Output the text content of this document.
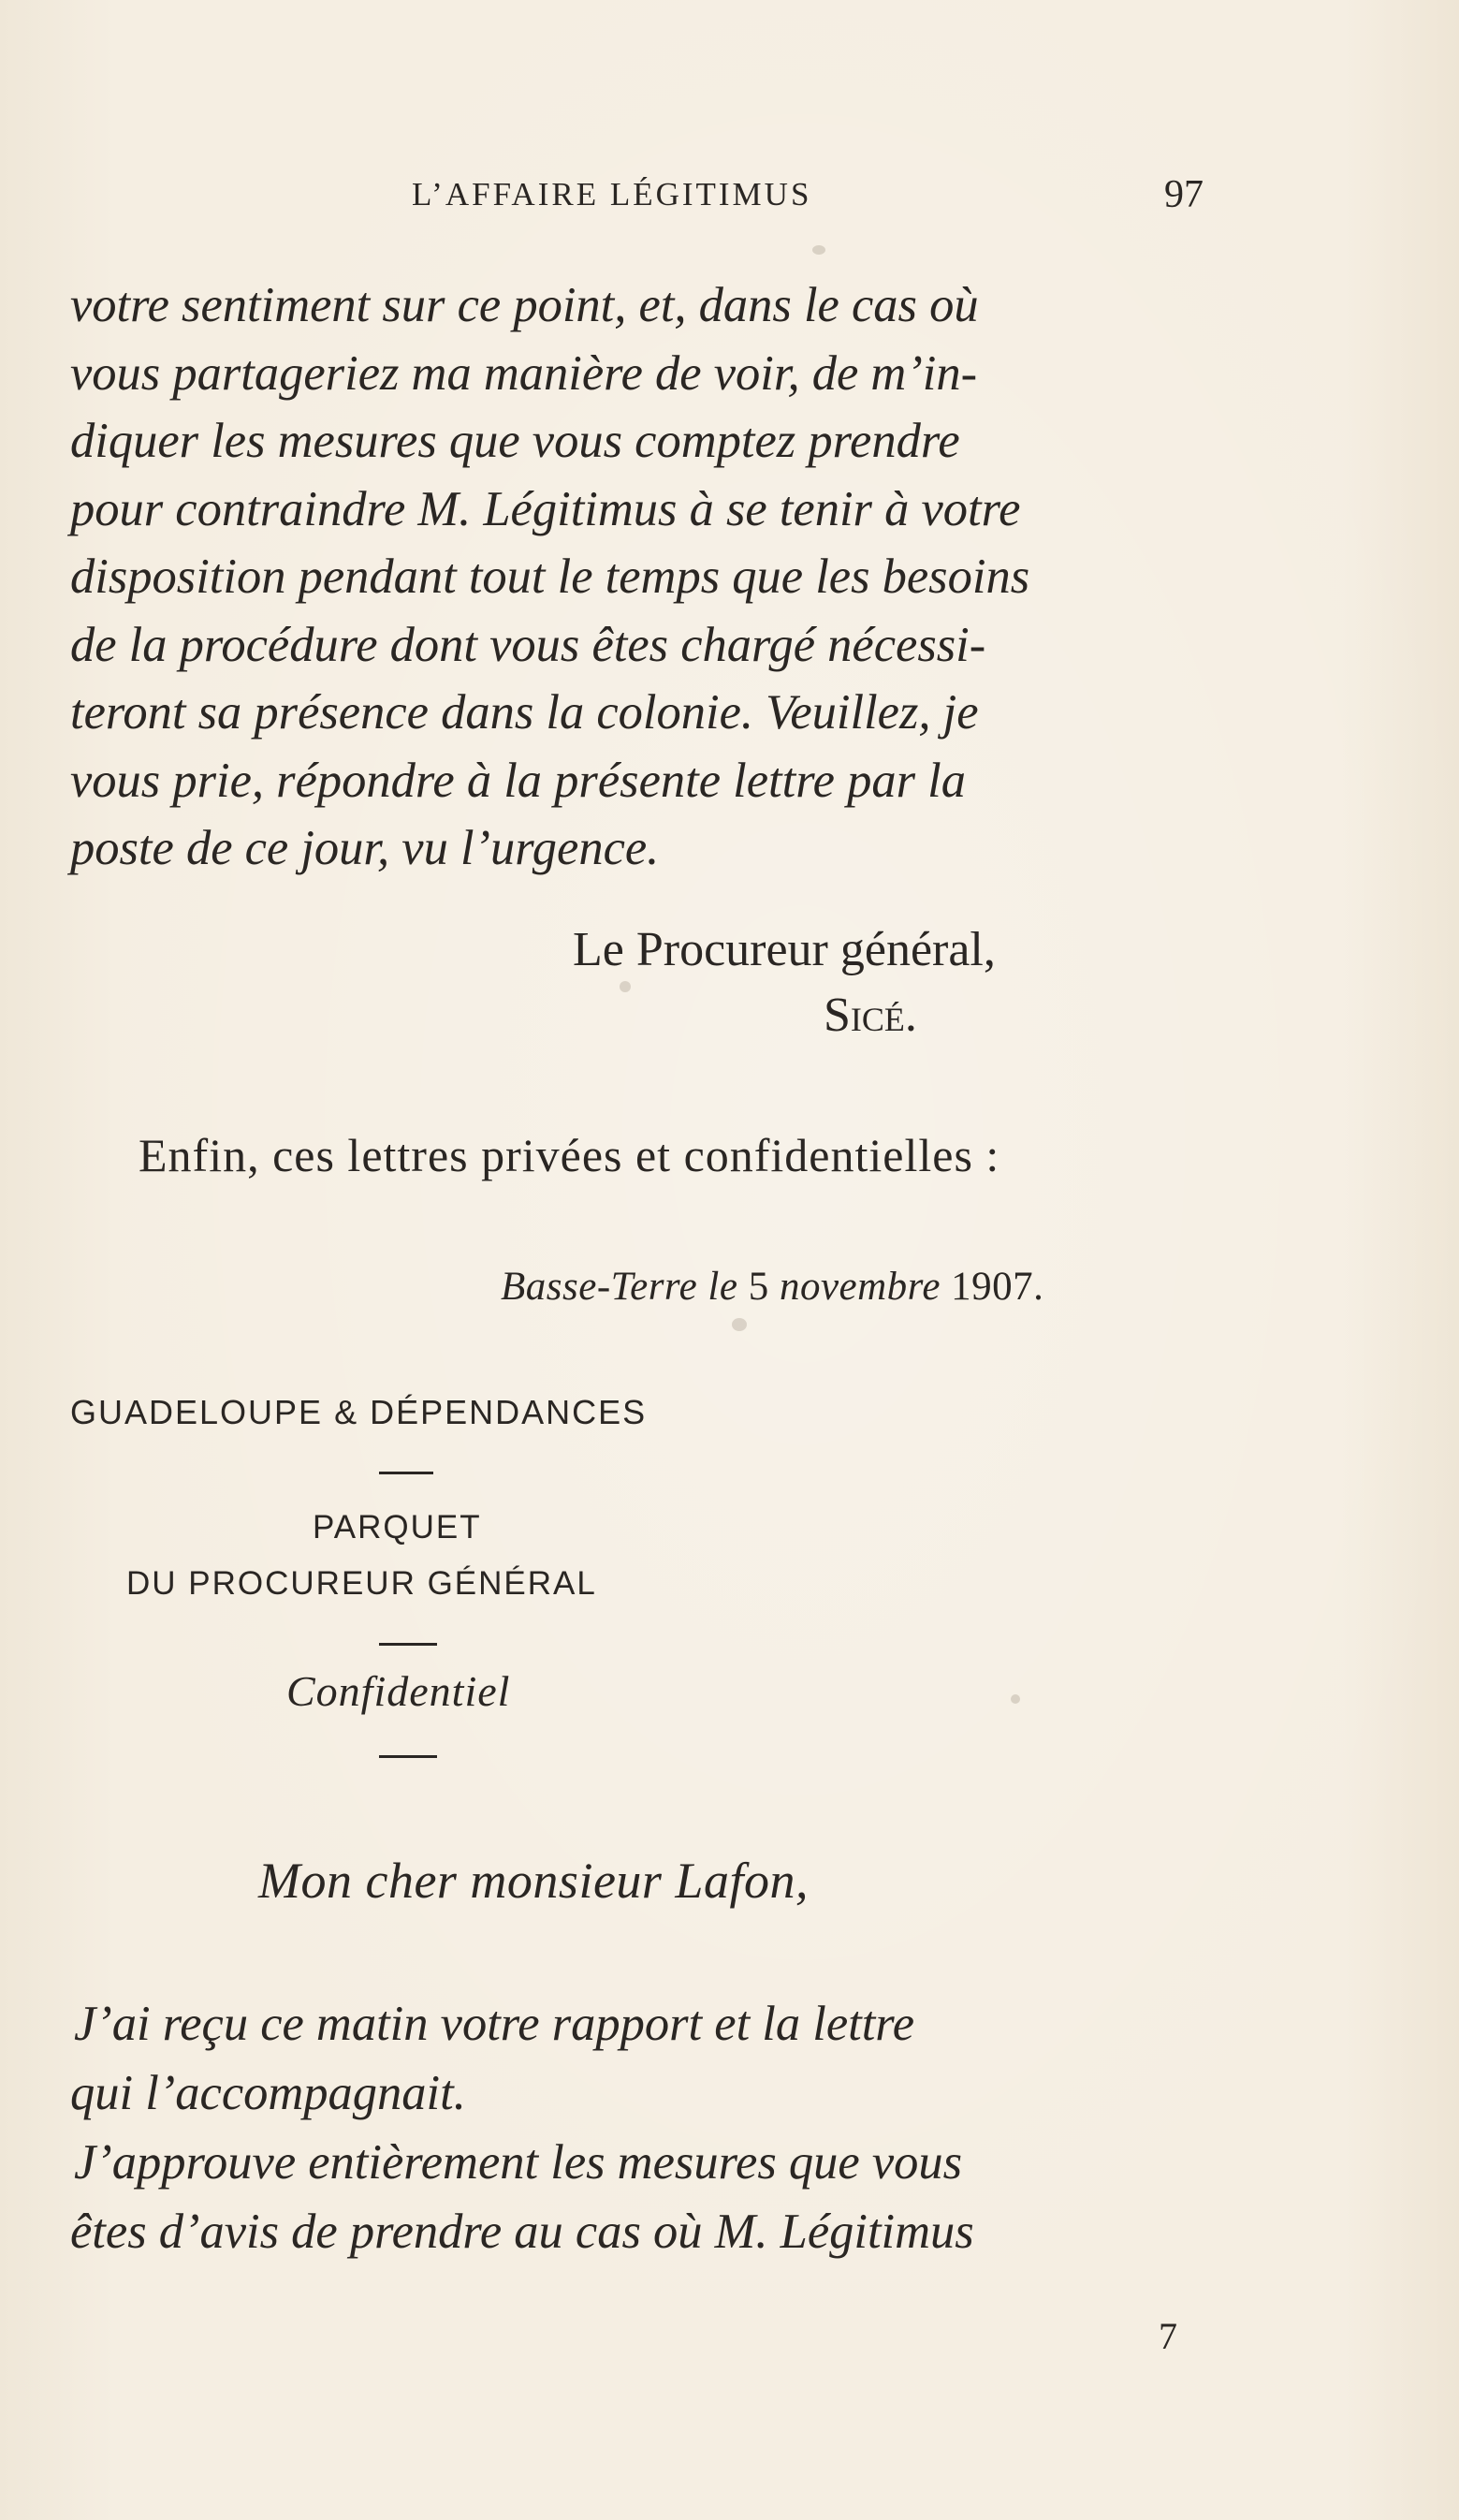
L’AFFAIRE LÉGITIMUS	97

votre sentiment sur ce point, et, dans le cas où
vous partageriez ma manière de voir, de m’in-
diquer les mesures que vous comptez prendre
pour contraindre M. Légitimus à se tenir à votre
disposition pendant tout le temps que les besoins
de la procédure dont vous êtes chargé nécessi-
teront sa présence dans la colonie. Veuillez, je
vous prie, répondre à la présente lettre par la
poste de ce jour, vu l’urgence.

Le Procureur général,
Sicé.
Enfin, ces lettres privées et confidentielles :
Basse-Terre le 5 novembre 1907.
GUADELOUPE & DÉPENDANCES
PARQUET
DU PROCUREUR GÉNÉRAL
Confidentiel
Mon cher monsieur Lafon,

J’ai reçu ce matin votre rapport et la lettre
qui l’accompagnait.
J’approuve entièrement les mesures que vous
êtes d’avis de prendre au cas où M. Légitimus

7
